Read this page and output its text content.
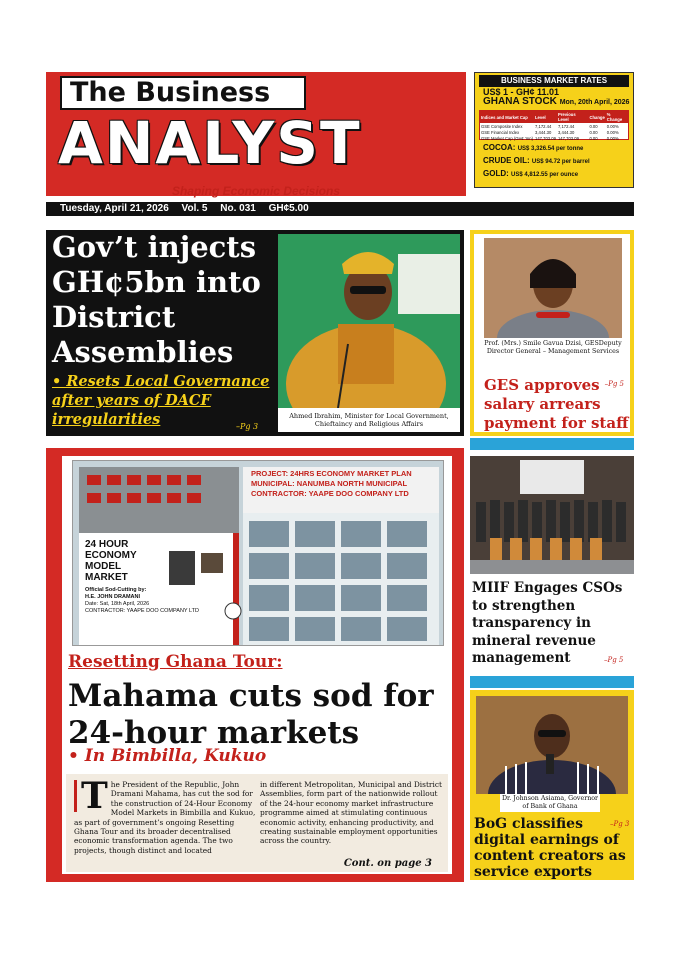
The Business
ANALYST
Shaping Economic Decisions
BUSINESS MARKET RATES
US$ 1 - GH¢ 11.01
GHANA STOCK Mon, 20th April, 2026
Indices and Market Cap	Level	Previous Level	Change	% Change
GSE Composite Index	7,172.44	7,172.44	0.00	0.00%
GSE Financial Index	3,444.30	3,444.30	0.00	0.00%
GSE Market Cap (GH¢ 'mn)	147,703.09	147,703.09	0.00	0.00%
COCOA: US$ 3,326.54 per tonne
CRUDE OIL: US$ 94.72 per barrel
GOLD: US$ 4,812.55 per ounce
Tuesday, April 21, 2026 Vol. 5 No. 031 GH¢5.00
Gov’t injects GH¢5bn into District Assemblies
• Resets Local Governance after years of DACF irregularities	–Pg 3
Ahmed Ibrahim, Minister for Local Government, Chieftaincy and Religious Affairs
Prof. (Mrs.) Smile Gavua Dzisi, GESDeputy Director General – Management Services
GES approves salary arrears payment for staff
–Pg 5
PROJECT: 24HRS ECONOMY MARKET PLAN
MUNICIPAL: NANUMBA NORTH MUNICIPAL
CONTRACTOR: YAAPE DOO COMPANY LTD
24 HOUR ECONOMY MODEL MARKET
Official Sod-Cutting by:
H.E. JOHN DRAMANI
Date: Sat, 18th April, 2026
CONTRACTOR: YAAPE DOO COMPANY LTD
Resetting Ghana Tour:
Mahama cuts sod for 24-hour markets
• In Bimbilla, Kukuo
T he President of the Republic, John Dramani Mahama, has cut the sod for the construction of 24-Hour Economy Model Markets in Bimbilla and Kukuo, as part of government’s ongoing Resetting Ghana Tour and its broader decentralised economic transformation agenda. The two projects, though distinct and located
in different Metropolitan, Municipal and District Assemblies, form part of the nationwide rollout of the 24-hour economy market infrastructure programme aimed at stimulating continuous economic activity, enhancing productivity, and creating sustainable employment opportunities across the country.
Cont. on page 3
MIIF Engages CSOs to strengthen transparency in mineral revenue management	–Pg 5
Dr. Johnson Asiama, Governor of Bank of Ghana
BoG classifies digital earnings of content creators as service exports
–Pg 3
